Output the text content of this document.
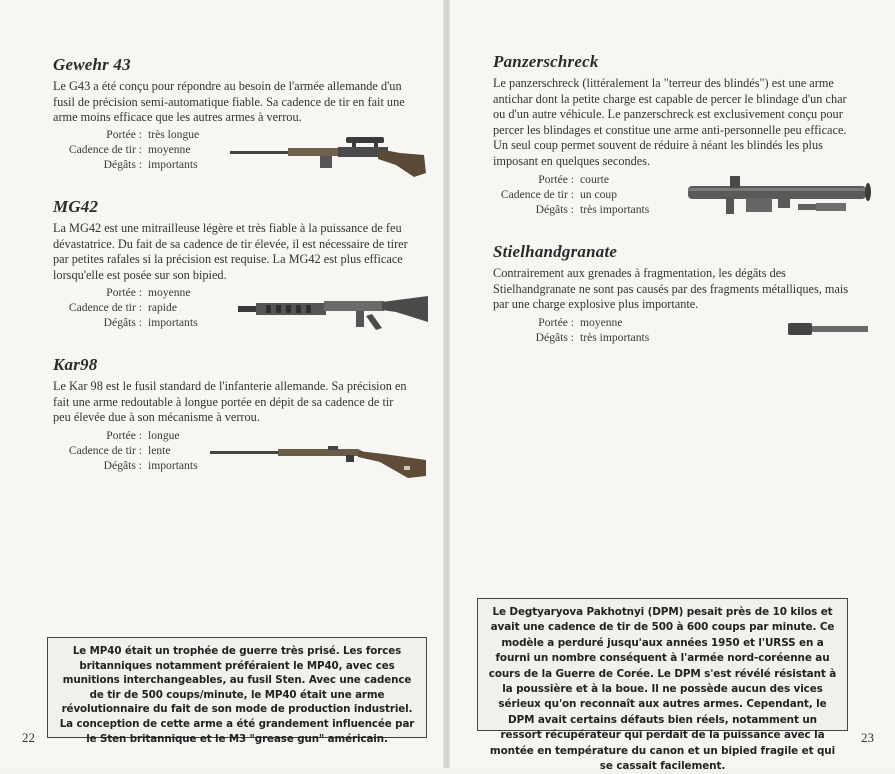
Gewehr 43

Le G43 a été conçu pour répondre au besoin de l'armée allemande d'un fusil de précision semi-automatique fiable. Sa cadence de tir en fait une arme moins efficace que les autres armes à verrou.

Portée : très longue
Cadence de tir : moyenne
Dégâts : importants
MG42

La MG42 est une mitrailleuse légère et très fiable à la puissance de feu dévastatrice. Du fait de sa cadence de tir élevée, il est nécessaire de tirer par petites rafales si la précision est requise. La MG42 est plus efficace lorsqu'elle est posée sur son bipied.

Portée : moyenne
Cadence de tir : rapide
Dégâts : importants
Kar98

Le Kar 98 est le fusil standard de l'infanterie allemande. Sa précision en fait une arme redoutable à longue portée en dépit de sa cadence de tir peu élevée due à son mécanisme à verrou.

Portée : longue
Cadence de tir : lente
Dégâts : importants
Le MP40 était un trophée de guerre très prisé. Les forces britanniques notamment préféraient le MP40, avec ces munitions interchangeables, au fusil Sten. Avec une cadence de tir de 500 coups/minute, le MP40 était une arme révolutionnaire du fait de son mode de production industriel. La conception de cette arme a été grandement influencée par le Sten britannique et le M3 "grease gun" américain.
22
Panzerschreck

Le panzerschreck (littéralement la "terreur des blindés") est une arme antichar dont la petite charge est capable de percer le blindage d'un char ou d'un autre véhicule. Le panzerschreck est exclusivement conçu pour percer les blindages et constitue une arme anti-personnelle peu efficace. Un seul coup permet souvent de réduire à néant les blindés les plus imposant en quelques secondes.

Portée : courte
Cadence de tir : un coup
Dégâts : très importants
Stielhandgranate

Contrairement aux grenades à fragmentation, les dégâts des Stielhandgranate ne sont pas causés par des fragments métalliques, mais par une charge explosive plus importante.

Portée : moyenne
Dégâts : très importants
Le Degtyaryova Pakhotnyi (DPM) pesait près de 10 kilos et avait une cadence de tir de 500 à 600 coups par minute. Ce modèle a perduré jusqu'aux années 1950 et l'URSS en a fourni un nombre conséquent à l'armée nord-coréenne au cours de la Guerre de Corée. Le DPM s'est révélé résistant à la poussière et à la boue. Il ne possède aucun des vices sérieux qu'on reconnaît aux autres armes. Cependant, le DPM avait certains défauts bien réels, notamment un ressort récupérateur qui perdait de la puissance avec la montée en température du canon et un bipied fragile et qui se cassait facilement.
23
